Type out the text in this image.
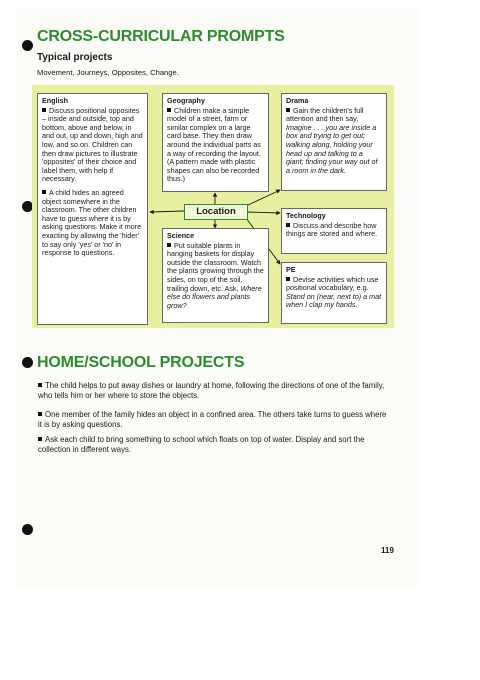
CROSS-CURRICULAR PROMPTS
Typical projects
Movement, Journeys, Opposites, Change.
English

Discuss positional opposites – inside and outside, top and bottom, above and below, in and out, up and down, high and low, and so on. Children can then draw pictures to illustrate 'opposites' of their choice and label them, with help if necessary.

A child hides an agreed object somewhere in the classroom. The other children have to guess where it is by asking questions. Make it more exacting by allowing the 'hider' to say only 'yes' or 'no' in response to questions.

Geography

Children make a simple model of a street, farm or similar complex on a large card base. They then draw around the individual parts as a way of recording the layout. (A pattern made with plastic shapes can also be recorded thus.)

Drama

Gain the children's full attention and then say, Imagine . . . you are inside a box and trying to get out; walking along, holding your head up and talking to a giant; finding your way out of a room in the dark.

Technology

Discuss and describe how things are stored and where.

Science

Put suitable plants in hanging baskets for display outside the classroom. Watch the plants growing through the sides, on top of the soil, trailing down, etc. Ask, Where else do flowers and plants grow?

PE

Devise activities which use positional vocabulary, e.g. Stand on (near, next to) a mat when I clap my hands.

Location
HOME/SCHOOL PROJECTS
The child helps to put away dishes or laundry at home, following the directions of one of the family, who tells him or her where to store the objects.
One member of the family hides an object in a confined area. The others take turns to guess where it is by asking questions.
Ask each child to bring something to school which floats on top of water. Display and sort the collection in different ways.
119
